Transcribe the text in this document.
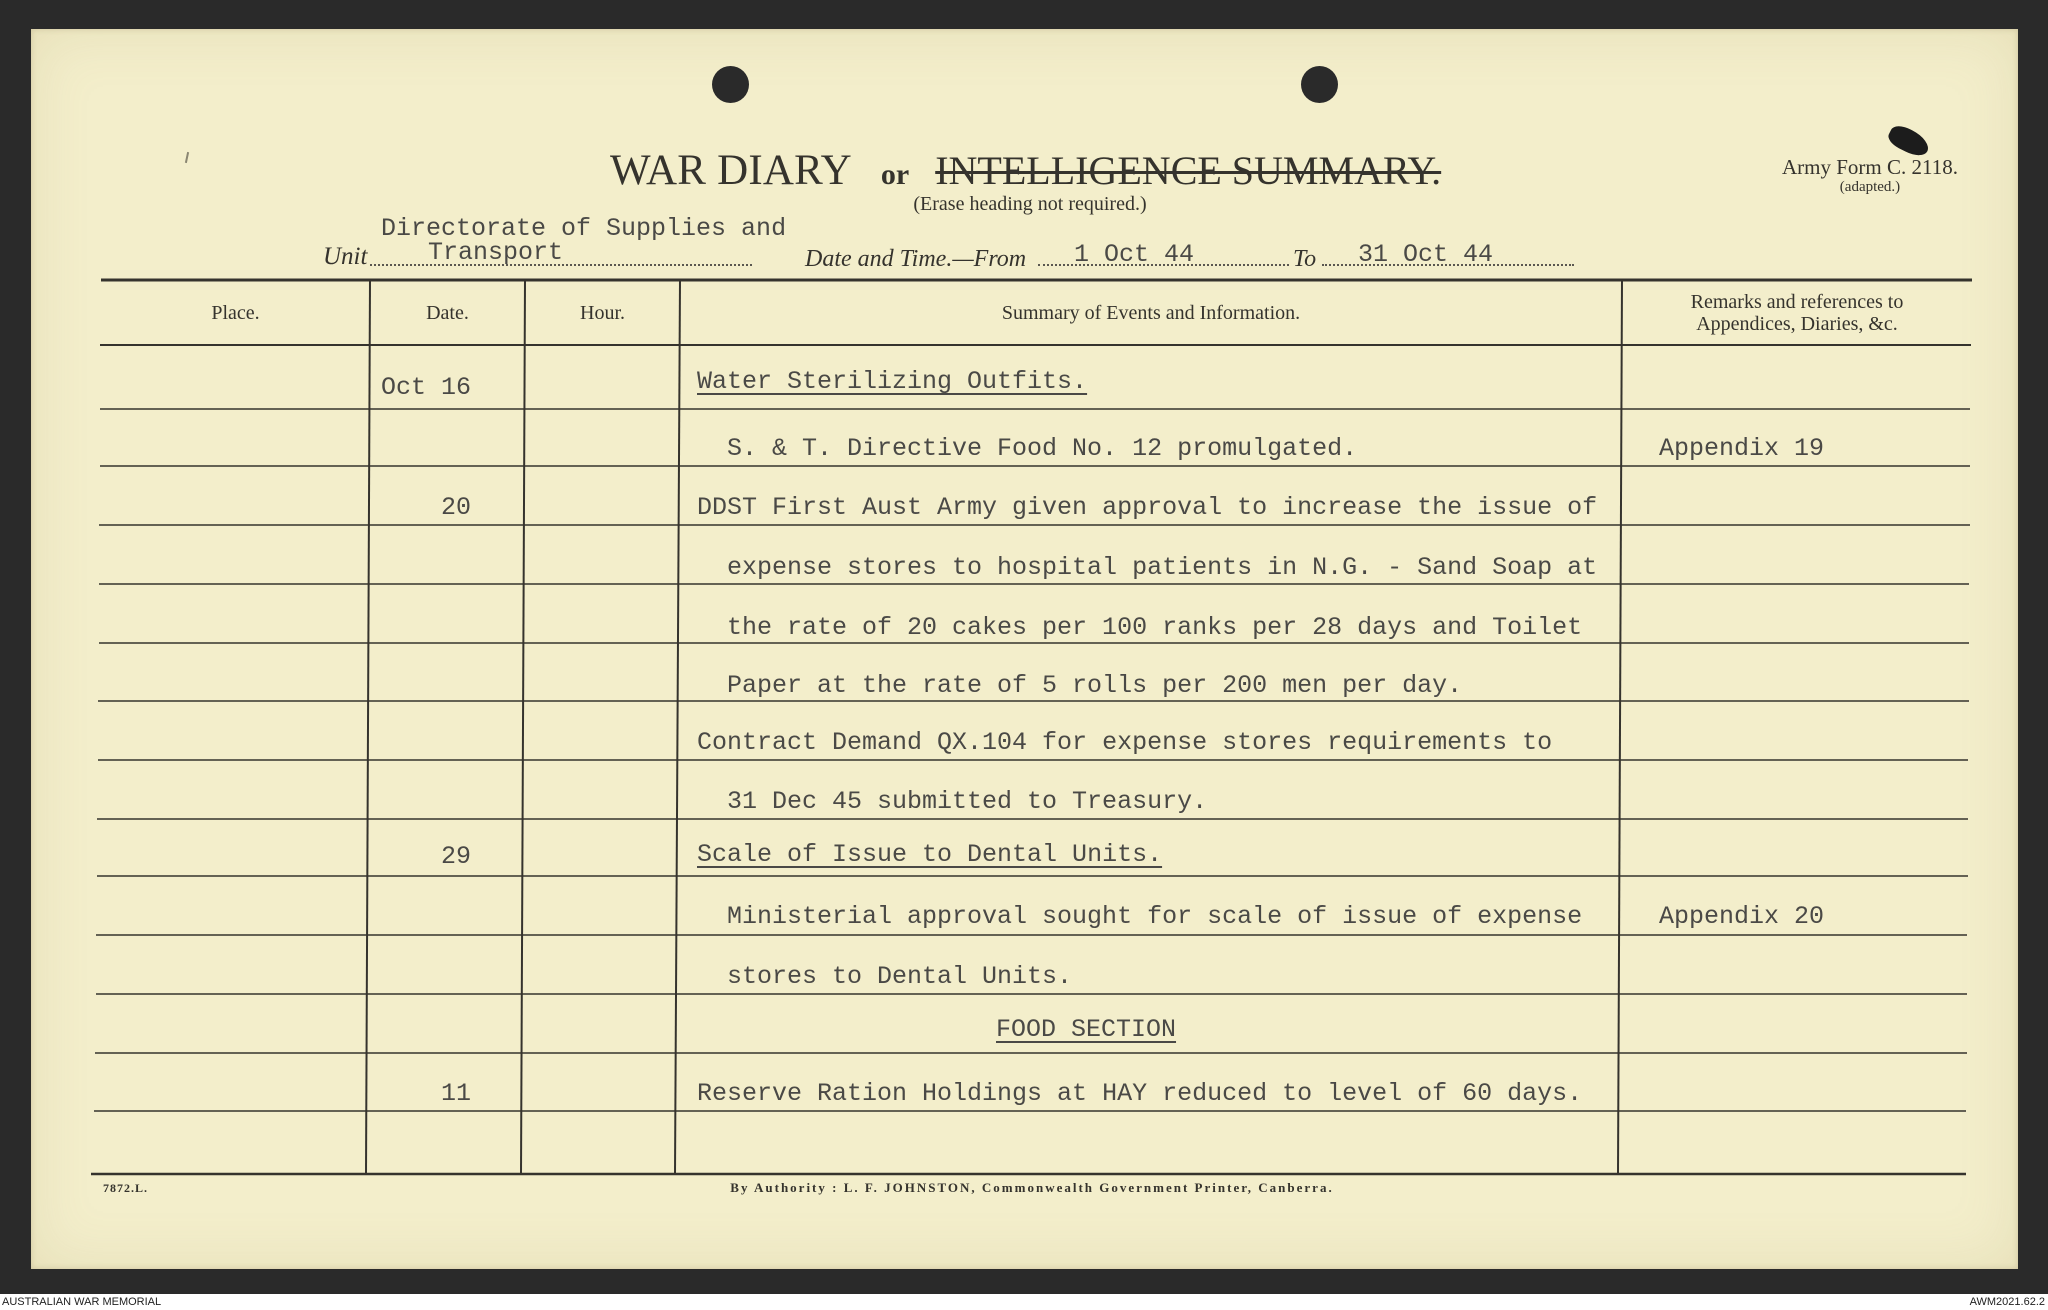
WAR DIARY or INTELLIGENCE SUMMARY.
(Erase heading not required.)
Army Form C. 2118.
(adapted.)
Unit
Directorate of Supplies and
Transport	Date and Time.—From 1 Oct 44	To 31 Oct 44
Place.	Date.	Hour.	Summary of Events and Information.	Remarks and references to
Appendices, Diaries, &c.
Oct 16	Water Sterilizing Outfits.
S. & T. Directive Food No. 12 promulgated.	Appendix 19
20	DDST First Aust Army given approval to increase the issue of
expense stores to hospital patients in N.G. - Sand Soap at
the rate of 20 cakes per 100 ranks per 28 days and Toilet
Paper at the rate of 5 rolls per 200 men per day.
Contract Demand QX.104 for expense stores requirements to
31 Dec 45 submitted to Treasury.
29	Scale of Issue to Dental Units.
Ministerial approval sought for scale of issue of expense	Appendix 20
stores to Dental Units.
FOOD SECTION
11	Reserve Ration Holdings at HAY reduced to level of 60 days.
7872.L.	By Authority : L. F. JOHNSTON, Commonwealth Government Printer, Canberra.
AUSTRALIAN WAR MEMORIAL	AWM2021.62.2
